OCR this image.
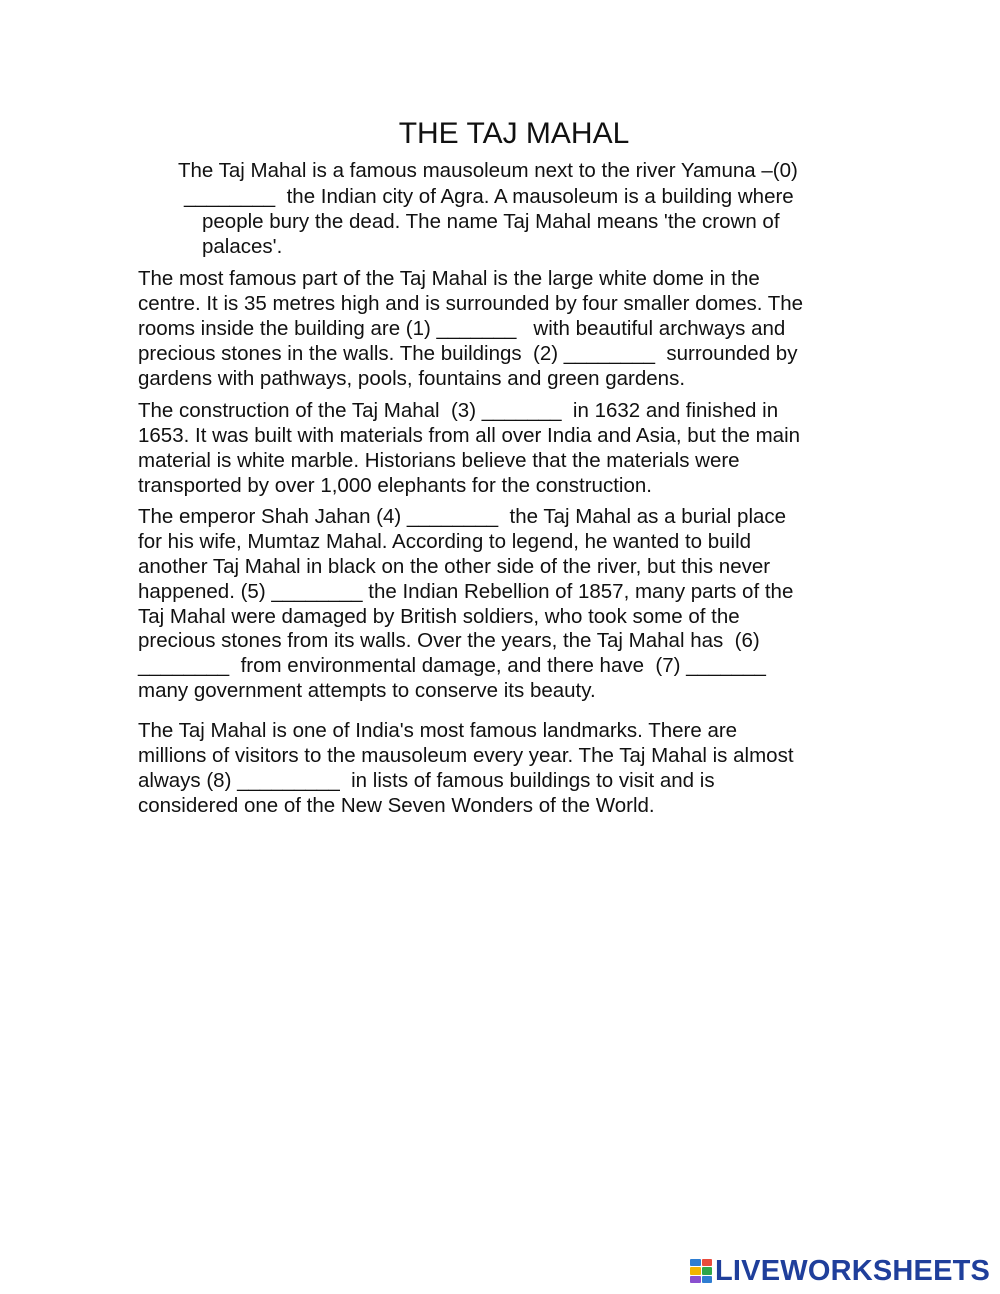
THE TAJ MAHAL
The Taj Mahal is a famous mausoleum next to the river Yamuna –(0)
________  the Indian city of Agra. A mausoleum is a building where
people bury the dead. The name Taj Mahal means 'the crown of
palaces'.
The most famous part of the Taj Mahal is the large white dome in the
centre. It is 35 metres high and is surrounded by four smaller domes. The
rooms inside the building are (1) _______   with beautiful archways and
precious stones in the walls. The buildings  (2) ________  surrounded by
gardens with pathways, pools, fountains and green gardens.
The construction of the Taj Mahal  (3) _______  in 1632 and finished in
1653. It was built with materials from all over India and Asia, but the main
material is white marble. Historians believe that the materials were
transported by over 1,000 elephants for the construction.
The emperor Shah Jahan (4) ________  the Taj Mahal as a burial place
for his wife, Mumtaz Mahal. According to legend, he wanted to build
another Taj Mahal in black on the other side of the river, but this never
happened. (5) ________ the Indian Rebellion of 1857, many parts of the
Taj Mahal were damaged by British soldiers, who took some of the
precious stones from its walls. Over the years, the Taj Mahal has  (6)
________  from environmental damage, and there have  (7) _______
many government attempts to conserve its beauty.
The Taj Mahal is one of India's most famous landmarks. There are
millions of visitors to the mausoleum every year. The Taj Mahal is almost
always (8) _________  in lists of famous buildings to visit and is
considered one of the New Seven Wonders of the World.
LIVEWORKSHEETS
